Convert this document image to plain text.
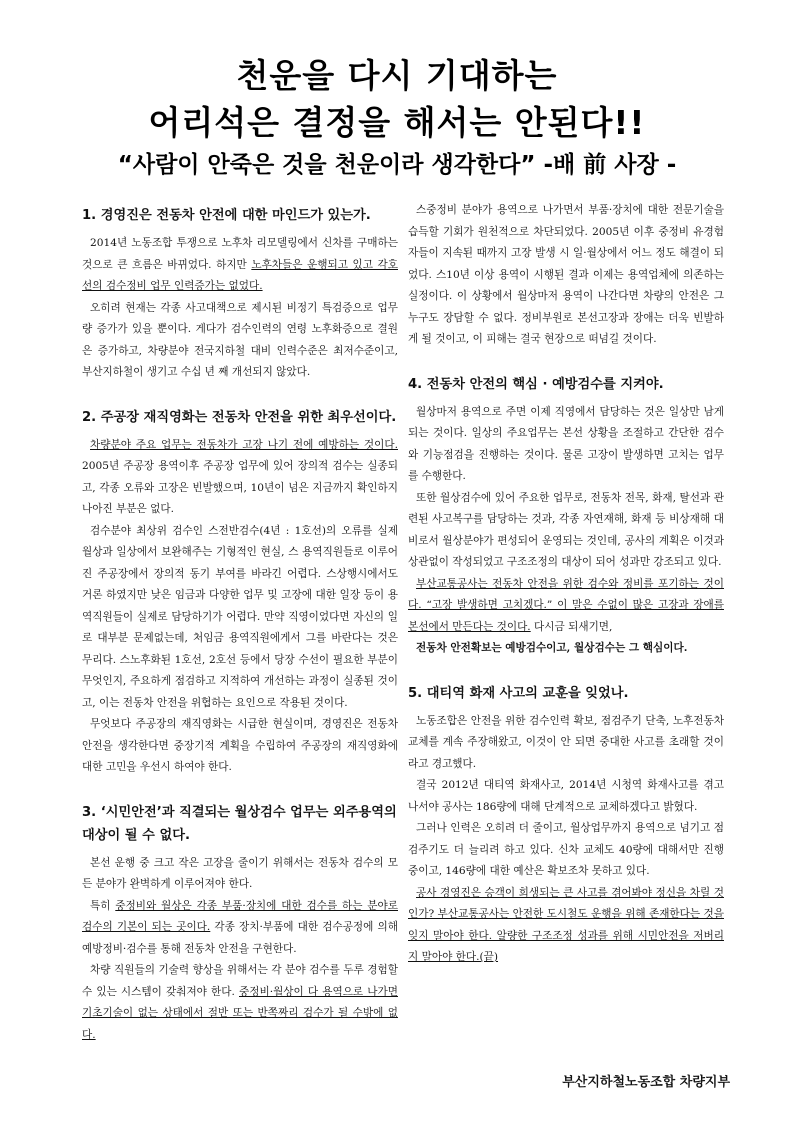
천운을 다시 기대하는
어리석은 결정을 해서는 안된다!!
“사람이 안죽은 것을 천운이라 생각한다” -배 前 사장 -
1. 경영진은 전동차 안전에 대한 마인드가 있는가.

2014년 노동조합 투쟁으로 노후차 리모델링에서 신차를 구매하는 것으로 큰 흐름은 바뀌었다. 하지만 노후차들은 운행되고 있고 각호선의 검수정비 업무 인력증가는 없었다.

오히려 현재는 각종 사고대책으로 제시된 비정기 특검증으로 업무량 증가가 있을 뿐이다. 게다가 검수인력의 연령 노후화증으로 결원은 증가하고, 차량분야 전국지하철 대비 인력수준은 최저수준이고, 부산지하철이 생기고 수십 년 째 개선되지 않았다.

2. 주공장 재직영화는 전동차 안전을 위한 최우선이다.

차량분야 주요 업무는 전동차가 고장 나기 전에 예방하는 것이다. 2005년 주공장 용역이후 주공장 업무에 있어 장의적 검수는 실종되고, 각종 오류와 고장은 빈발했으며, 10년이 넘은 지금까지 확인하지 나아진 부분은 없다.

검수분야 최상위 검수인 스전반검수(4년 : 1호선)의 오류를 실제 월상과 일상에서 보완해주는 기형적인 현실, 스 용역직원들로 이루어진 주공장에서 장의적 동기 부여를 바라긴 어렵다. 스상행시에서도 거론 하였지만 낮은 임금과 다양한 업무 및 고장에 대한 일장 등이 용역직원들이 실제로 담당하기가 어렵다. 만약 직영이었다면 자신의 일로 대부분 문제없는데, 처임금 용역직원에게서 그를 바란다는 것은 무리다. 스노후화된 1호선, 2호선 등에서 당장 수선이 필요한 부분이 무엇인지, 주요하게 점검하고 지적하여 개선하는 과정이 실종된 것이고, 이는 전동차 안전을 위협하는 요인으로 작용된 것이다.

무엇보다 주공장의 재직영화는 시급한 현실이며, 경영진은 전동차 안전을 생각한다면 중장기적 계획을 수립하여 주공장의 재직영화에 대한 고민을 우선시 하여야 한다.

3. ‘시민안전’과 직결되는 월상검수 업무는 외주용역의 대상이 될 수 없다.

본선 운행 중 크고 작은 고장을 줄이기 위해서는 전동차 검수의 모든 분야가 완벽하게 이루어져야 한다.

특히 중정비와 월상은 각종 부품·장치에 대한 검수를 하는 분야로 검수의 기본이 되는 곳이다. 각종 장치·부품에 대한 검수공정에 의해 예방정비·검수를 통해 전동차 안전을 구현한다.

차량 직원들의 기술력 향상을 위해서는 각 분야 검수를 두루 경험할 수 있는 시스템이 갖춰져야 한다. 중정비·월상이 다 용역으로 나가면 기초기술이 없는 상태에서 절반 또는 반쪽짜리 검수가 될 수밖에 없다.

스중정비 분야가 용역으로 나가면서 부품·장치에 대한 전문기술을 습득할 기회가 원천적으로 차단되었다. 2005년 이후 중정비 유경험자들이 지속된 때까지 고장 발생 시 일·월상에서 어느 정도 해결이 되었다. 스10년 이상 용역이 시행된 결과 이제는 용역업체에 의존하는 실정이다. 이 상황에서 월상마저 용역이 나간다면 차량의 안전은 그 누구도 장담할 수 없다. 정비부원로 본선고장과 장애는 더욱 빈발하게 될 것이고, 이 피해는 결국 현장으로 떠넘길 것이다.

4. 전동차 안전의 핵심 · 예방검수를 지켜야.

월상마저 용역으로 주면 이제 직영에서 담당하는 것은 일상만 남게 되는 것이다. 일상의 주요업무는 본선 상황을 조절하고 간단한 검수와 기능점검을 진행하는 것이다. 물론 고장이 발생하면 고치는 업무를 수행한다.

또한 월상검수에 있어 주요한 업무로, 전동차 전목, 화재, 탈선과 관련된 사고복구를 담당하는 것과, 각종 자연재해, 화재 등 비상재해 대비로서 월상분야가 편성되어 운영되는 것인데, 공사의 계획은 이것과 상관없이 작성되었고 구조조정의 대상이 되어 성과만 강조되고 있다.

부산교통공사는 전동차 안전을 위한 검수와 정비를 포기하는 것이다. “고장 발생하면 고치겠다.” 이 말은 수없이 많은 고장과 장애를 본선에서 만든다는 것이다. 다시금 되새기면,

전동차 안전확보는 예방검수이고, 월상검수는 그 핵심이다.

5. 대티역 화재 사고의 교훈을 잊었나.

노동조합은 안전을 위한 검수인력 확보, 점검주기 단축, 노후전동차 교체를 계속 주장해왔고, 이것이 안 되면 중대한 사고를 초래할 것이라고 경고했다.

결국 2012년 대티역 화재사고, 2014년 시청역 화재사고를 겪고 나서야 공사는 186량에 대해 단계적으로 교체하겠다고 밝혔다.

그러나 인력은 오히려 더 줄이고, 월상업무까지 용역으로 넘기고 점검주기도 더 늘리려 하고 있다. 신차 교체도 40량에 대해서만 진행 중이고, 146량에 대한 예산은 확보조차 못하고 있다.

공사 경영진은 승객이 희생되는 큰 사고를 겪어봐야 정신을 차릴 것인가? 부산교통공사는 안전한 도시철도 운행을 위해 존재한다는 것을 잊지 말아야 한다. 알량한 구조조정 성과를 위해 시민안전을 저버리지 말아야 한다.(끝)

부산지하철노동조합 차량지부
